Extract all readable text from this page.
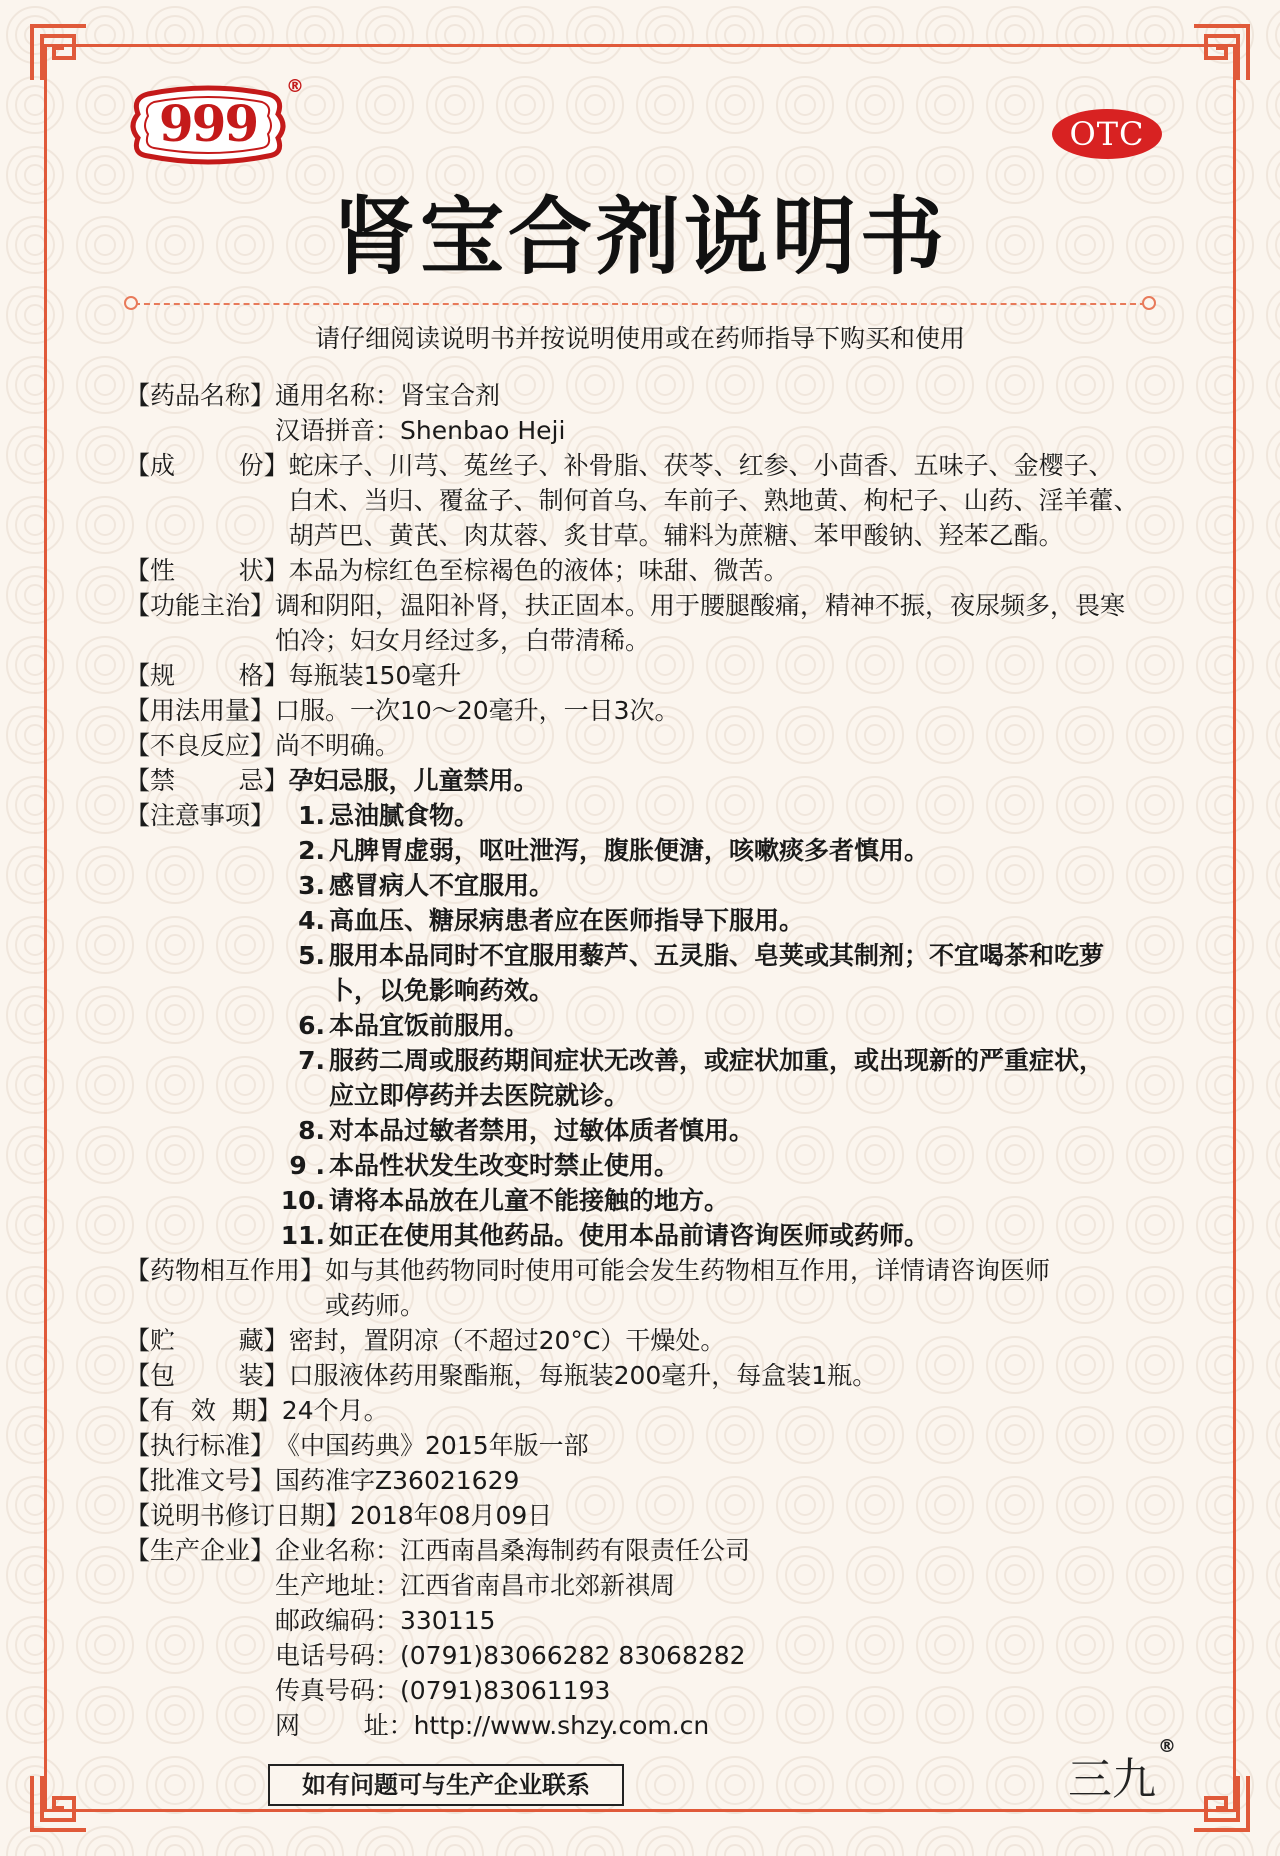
999
®
OTC
肾宝合剂说明书
请仔细阅读说明书并按说明使用或在药师指导下购买和使用
【药品名称】 通用名称：肾宝合剂
汉语拼音：Shenbao Heji
【成        份】 蛇床子、川芎、菟丝子、补骨脂、茯苓、红参、小茴香、五味子、金樱子、
白术、当归、覆盆子、制何首乌、车前子、熟地黄、枸杞子、山药、淫羊藿、
胡芦巴、黄芪、肉苁蓉、炙甘草。辅料为蔗糖、苯甲酸钠、羟苯乙酯。
【性        状】 本品为棕红色至棕褐色的液体；味甜、微苦。
【功能主治】 调和阴阳，温阳补肾，扶正固本。用于腰腿酸痛，精神不振，夜尿频多，畏寒
怕冷；妇女月经过多，白带清稀。
【规        格】 每瓶装150毫升
【用法用量】 口服。一次10～20毫升，一日3次。
【不良反应】 尚不明确。
【禁        忌】 孕妇忌服，儿童禁用。
【注意事项】 1. 忌油腻食物。
2. 凡脾胃虚弱，呕吐泄泻，腹胀便溏，咳嗽痰多者慎用。
3. 感冒病人不宜服用。
4. 高血压、糖尿病患者应在医师指导下服用。
5. 服用本品同时不宜服用藜芦、五灵脂、皂荚或其制剂；不宜喝茶和吃萝
卜，以免影响药效。
6. 本品宜饭前服用。
7. 服药二周或服药期间症状无改善，或症状加重，或出现新的严重症状，
应立即停药并去医院就诊。
8. 对本品过敏者禁用，过敏体质者慎用。
9 . 本品性状发生改变时禁止使用。
10. 请将本品放在儿童不能接触的地方。
11. 如正在使用其他药品。使用本品前请咨询医师或药师。
【药物相互作用】 如与其他药物同时使用可能会发生药物相互作用，详情请咨询医师
或药师。
【贮        藏】 密封，置阴凉（不超过20°C）干燥处。
【包        装】 口服液体药用聚酯瓶，每瓶装200毫升，每盒装1瓶。
【有  效  期】 24个月。
【执行标准】 《中国药典》2015年版一部
【批准文号】 国药准字Z36021629
【说明书修订日期】 2018年08月09日
【生产企业】 企业名称：江西南昌桑海制药有限责任公司
生产地址：江西省南昌市北郊新祺周
邮政编码：330115
电话号码：(0791)83066282 83068282
传真号码：(0791)83061193
网        址：http://www.shzy.com.cn
如有问题可与生产企业联系	三九
®
